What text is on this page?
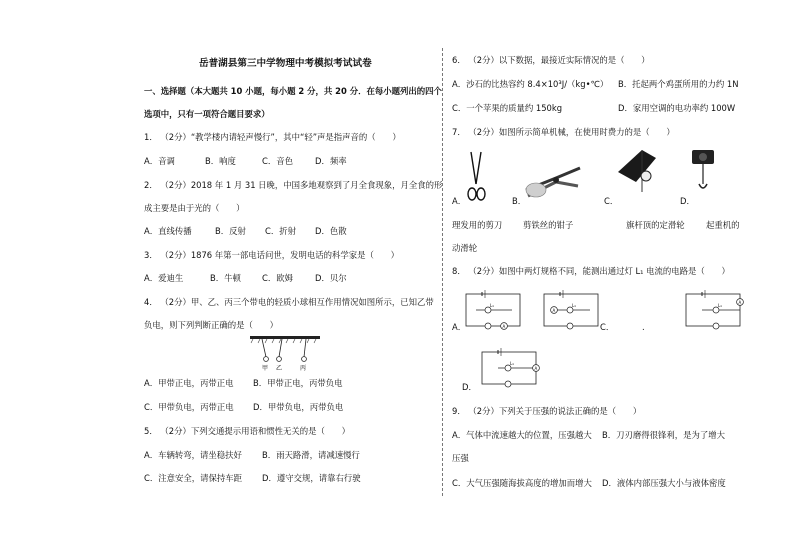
岳普湖县第三中学物理中考模拟考试试卷
一、选择题（本大题共 10 小题，每小题 2 分，共 20 分．在每小题列出的四个
选项中，只有一项符合题目要求）
1． （2分）“教学楼内请轻声慢行”，其中“轻”声是指声音的（　　）
A．音调	B．响度	C．音色	D．频率
2． （2分）2018 年 1 月 31 日晚，中国多地观察到了月全食现象，月全食的形
成主要是由于光的（　　）
A．直线传播	B．反射 C．折射 D．色散
3． （2分）1876 年第一部电话问世，发明电话的科学家是（　　）
A．爱迪生	B．牛顿	C．欧姆	D．贝尔
4． （2分）甲、乙、丙三个带电的轻质小球相互作用情况如图所示，已知乙带
负电，则下列判断正确的是（　　）
甲 乙	丙
A．甲带正电，丙带正电 B．甲带正电，丙带负电
C．甲带负电，丙带正电 D．甲带负电，丙带负电
5． （2分）下列交通提示用语和惯性无关的是（　　）
A．车辆转弯，请坐稳扶好 B．雨天路滑，请减速慢行
C．注意安全，请保持车距 D．遵守交规，请靠右行驶
6． （2分）以下数据，最接近实际情况的是（　　）
A．沙石的比热容约 8.4×10³J/（kg•℃） B．托起两个鸡蛋所用的力约 1N
C．一个苹果的质量约 150kg	D．家用空调的电功率约 100W
7． （2分）如图所示简单机械，在使用时费力的是（　　）
A．	B．	C．	D．
理发用的剪刀 剪铁丝的钳子	旗杆顶的定滑轮	起重机的
动滑轮
8． （2分）如图中两灯规格不同，能测出通过灯 L₁ 电流的电路是（　　）
A．	A
L₁
A
L₁
C．	.
A
L₁
D．
A
L₁
9． （2分）下列关于压强的说法正确的是（　　）
A．气体中流速越大的位置，压强越大 B．刀刃磨得很锋利，是为了增大
压强
C．大气压强随海拔高度的增加而增大 D．液体内部压强大小与液体密度
